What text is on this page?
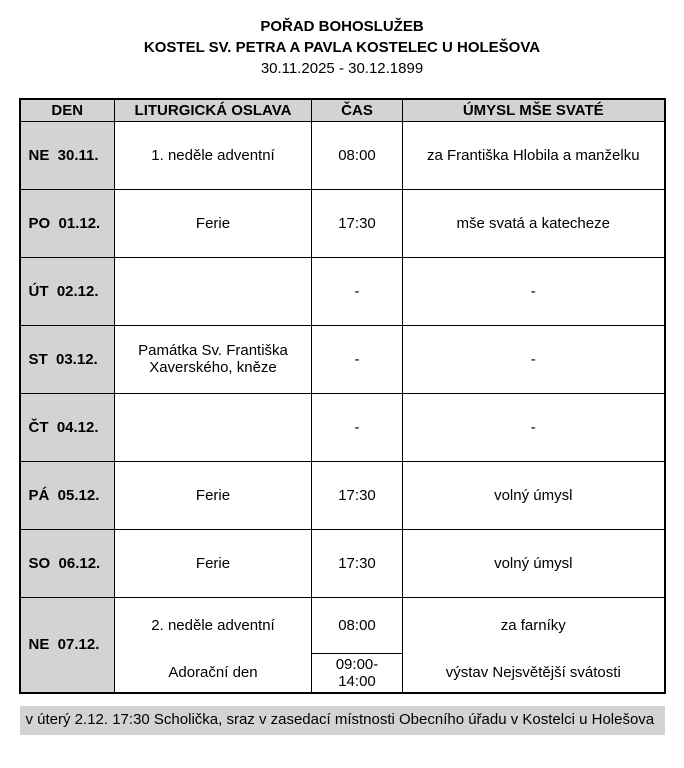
POŘAD BOHOSLUŽEB
KOSTEL SV. PETRA A PAVLA KOSTELEC U HOLEŠOVA
30.11.2025 - 30.12.1899
DEN	LITURGICKÁ OSLAVA	ČAS	ÚMYSL MŠE SVATÉ
NE  30.11.	1. neděle adventní	08:00	za Františka Hlobila a manželku
PO  01.12.	Ferie	17:30	mše svatá a katecheze
ÚT  02.12.		-	-
ST  03.12.	Památka Sv. Františka Xaverského, kněze	-	-
ČT  04.12.		-	-
PÁ  05.12.	Ferie	17:30	volný úmysl
SO  06.12.	Ferie	17:30	volný úmysl
NE  07.12.	2. neděle adventní	08:00	za farníky
	Adorační den	09:00-14:00	výstav Nejsvětější svátosti
v úterý 2.12. 17:30 Scholička, sraz v zasedací místnosti Obecního úřadu v Kostelci u Holešova
